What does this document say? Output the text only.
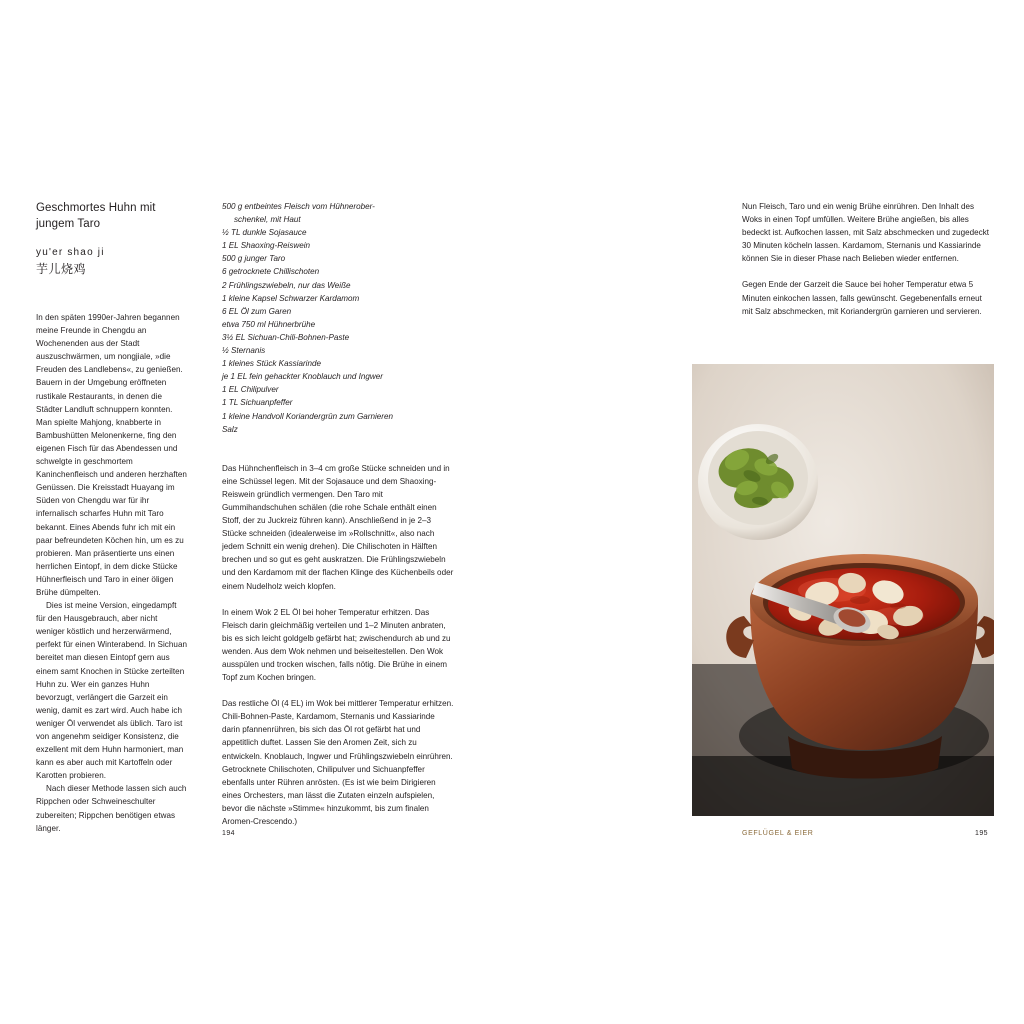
Geschmortes Huhn mit jungem Taro
yu'er shao ji
芋儿烧鸡

In den späten 1990er-Jahren begannen meine Freunde in Chengdu an Wochenenden aus der Stadt auszuschwärmen, um nongjiale, »die Freuden des Landlebens«, zu genießen. Bauern in der Umgebung eröffneten rustikale Restaurants, in denen die Städter Landluft schnuppern konnten. Man spielte Mahjong, knabberte in Bambushütten Melonenkerne, fing den eigenen Fisch für das Abendessen und schwelgte in geschmortem Kaninchenfleisch und anderen herzhaften Genüssen. Die Kreisstadt Huayang im Süden von Chengdu war für ihr infernalisch scharfes Huhn mit Taro bekannt. Eines Abends fuhr ich mit ein paar befreundeten Köchen hin, um es zu probieren. Man präsentierte uns einen herrlichen Eintopf, in dem dicke Stücke Hühnerfleisch und Taro in einer öligen Brühe dümpelten.

Dies ist meine Version, eingedampft für den Hausgebrauch, aber nicht weniger köstlich und herzerwärmend, perfekt für einen Winterabend. In Sichuan bereitet man diesen Eintopf gern aus einem samt Knochen in Stücke zerteilten Huhn zu. Wer ein ganzes Huhn bevorzugt, verlängert die Garzeit ein wenig, damit es zart wird. Auch habe ich weniger Öl verwendet als üblich. Taro ist von angenehm seidiger Konsistenz, die exzellent mit dem Huhn harmoniert, man kann es aber auch mit Kartoffeln oder Karotten probieren.

Nach dieser Methode lassen sich auch Rippchen oder Schweineschulter zubereiten; Rippchen benötigen etwas länger.

500 g entbeintes Fleisch vom Hühnerober-
schenkel, mit Haut
½ TL dunkle Sojasauce
1 EL Shaoxing-Reiswein
500 g junger Taro
6 getrocknete Chillischoten
2 Frühlingszwiebeln, nur das Weiße
1 kleine Kapsel Schwarzer Kardamom
6 EL Öl zum Garen
etwa 750 ml Hühnerbrühe
3½ EL Sichuan-Chili-Bohnen-Paste
½ Sternanis
1 kleines Stück Kassiarinde
je 1 EL fein gehackter Knoblauch und Ingwer
1 EL Chilipulver
1 TL Sichuanpfeffer
1 kleine Handvoll Koriandergrün zum Garnieren
Salz

Das Hühnchenfleisch in 3–4 cm große Stücke schneiden und in eine Schüssel legen. Mit der Sojasauce und dem Shaoxing-Reiswein gründlich vermengen. Den Taro mit Gummihandschuhen schälen (die rohe Schale enthält einen Stoff, der zu Juckreiz führen kann). Anschließend in je 2–3 Stücke schneiden (idealerweise im »Rollschnitt«, also nach jedem Schnitt ein wenig drehen). Die Chilischoten in Hälften brechen und so gut es geht auskratzen. Die Frühlingszwiebeln und den Kardamom mit der flachen Klinge des Küchenbeils oder einem Nudelholz weich klopfen.

In einem Wok 2 EL Öl bei hoher Temperatur erhitzen. Das Fleisch darin gleichmäßig verteilen und 1–2 Minuten anbraten, bis es sich leicht goldgelb gefärbt hat; zwischendurch ab und zu wenden. Aus dem Wok nehmen und beiseitestellen. Den Wok ausspülen und trocken wischen, falls nötig. Die Brühe in einem Topf zum Kochen bringen.

Das restliche Öl (4 EL) im Wok bei mittlerer Temperatur erhitzen. Chili-Bohnen-Paste, Kardamom, Sternanis und Kassiarinde darin pfannenrühren, bis sich das Öl rot gefärbt hat und appetitlich duftet. Lassen Sie den Aromen Zeit, sich zu entwickeln. Knoblauch, Ingwer und Frühlingszwiebeln einrühren. Getrocknete Chilischoten, Chilipulver und Sichuanpfeffer ebenfalls unter Rühren anrösten. (Es ist wie beim Dirigieren eines Orchesters, man lässt die Zutaten einzeln aufspielen, bevor die nächste »Stimme« hinzukommt, bis zum finalen Aromen-Crescendo.)

Nun Fleisch, Taro und ein wenig Brühe einrühren. Den Inhalt des Woks in einen Topf umfüllen. Weitere Brühe angießen, bis alles bedeckt ist. Aufkochen lassen, mit Salz abschmecken und zugedeckt 30 Minuten köcheln lassen. Kardamom, Sternanis und Kassiarinde können Sie in dieser Phase nach Belieben wieder entfernen.

Gegen Ende der Garzeit die Sauce bei hoher Temperatur etwa 5 Minuten einkochen lassen, falls gewünscht. Gegebenenfalls erneut mit Salz abschmecken, mit Koriandergrün garnieren und servieren.

194	GEFLÜGEL & EIER	195
